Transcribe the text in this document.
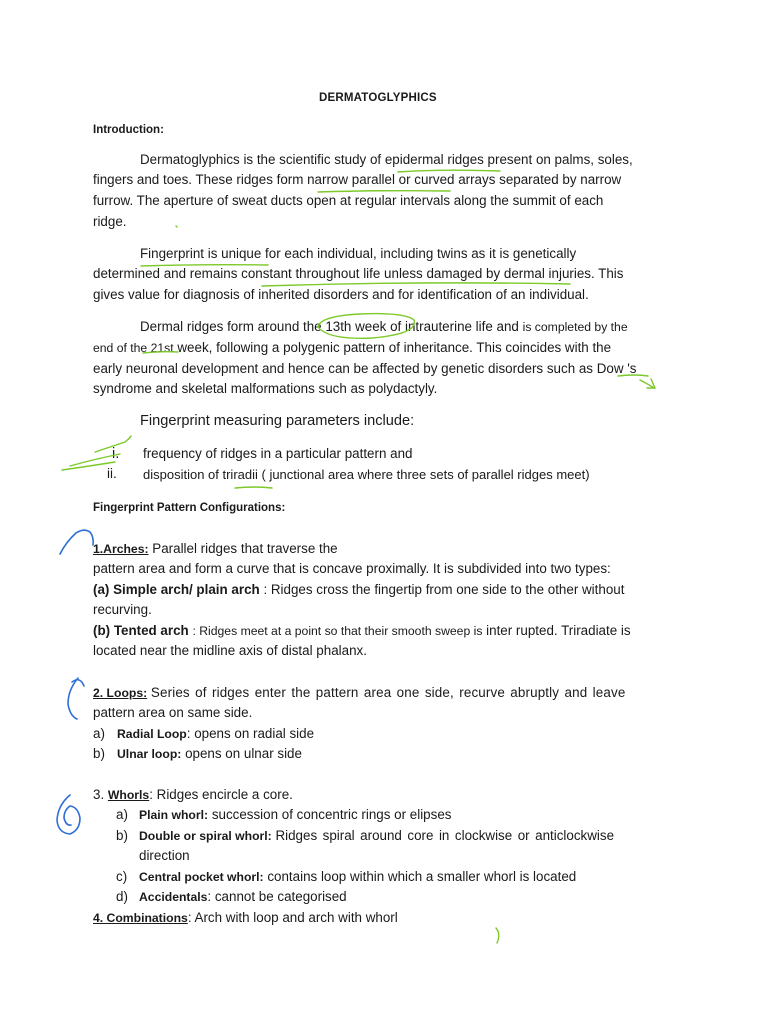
DERMATOGLYPHICS
Introduction:
Dermatoglyphics is the scientific study of epidermal ridges present on palms, soles,
fingers and toes. These ridges form narrow parallel or curved arrays separated by narrow
furrow. The aperture of sweat ducts open at regular intervals along the summit of each
ridge.
Fingerprint is unique for each individual, including twins as it is genetically
determined and remains constant throughout life unless damaged by dermal injuries. This
gives value for diagnosis of inherited disorders and for identification of an individual.
Dermal ridges form around the 13th week of intrauterine life and is completed by the
end of the 21st week, following a polygenic pattern of inheritance. This coincides with the
early neuronal development and hence can be affected by genetic disorders such as Dow 's
syndrome and skeletal malformations such as polydactyly.
Fingerprint measuring parameters include:
i. frequency of ridges in a particular pattern and
ii. disposition of triradii ( junctional area where three sets of parallel ridges meet)
Fingerprint Pattern Configurations:
1.Arches: Parallel ridges that traverse the
pattern area and form a curve that is concave proximally. It is subdivided into two types:
(a) Simple arch/ plain arch : Ridges cross the fingertip from one side to the other without
recurving.
(b) Tented arch : Ridges meet at a point so that their smooth sweep is inter rupted. Triradiate is
located near the midline axis of distal phalanx.
2. Loops: Series of ridges enter the pattern area one side, recurve abruptly and leave
pattern area on same side.
a) Radial Loop: opens on radial side
b) Ulnar loop: opens on ulnar side
3. Whorls: Ridges encircle a core.
a) Plain whorl: succession of concentric rings or elipses
b) Double or spiral whorl: Ridges spiral around core in clockwise or anticlockwise
direction
c) Central pocket whorl: contains loop within which a smaller whorl is located
d) Accidentals: cannot be categorised
4. Combinations: Arch with loop and arch with whorl
